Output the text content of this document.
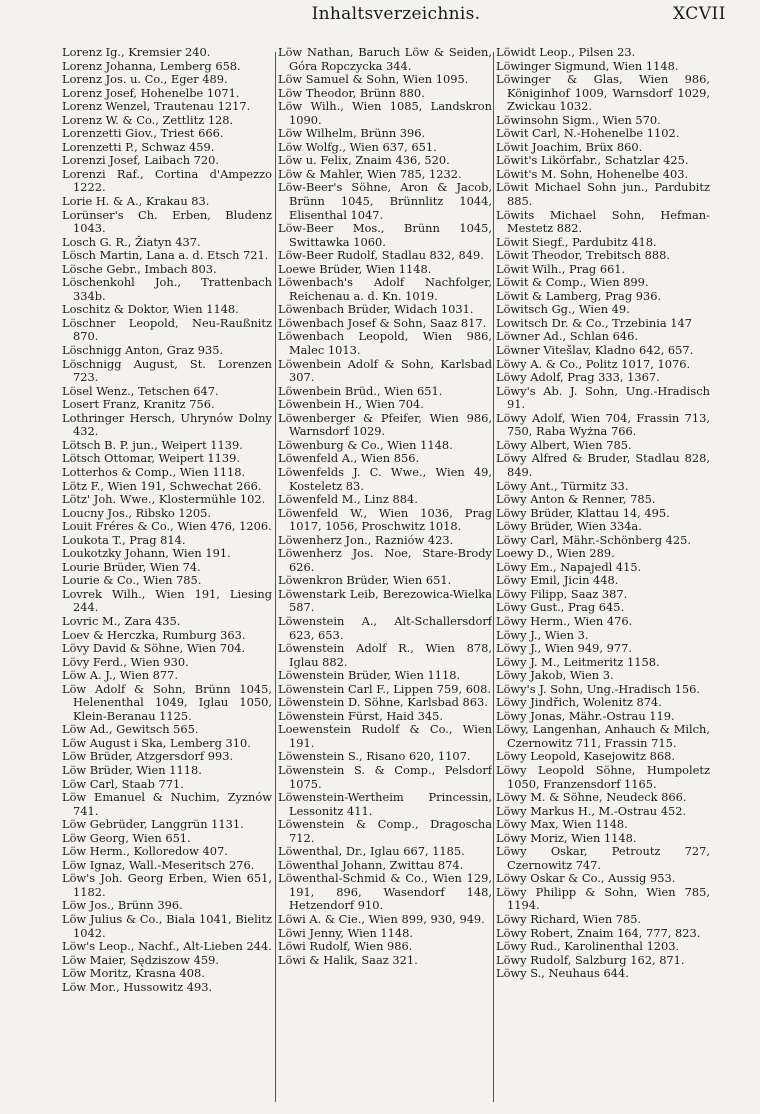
Inhaltsverzeichnis.	XCVII
Lorenz Ig., Kremsier 240.
Lorenz Johanna, Lemberg 658.
Lorenz Jos. u. Co., Eger 489.
Lorenz Josef, Hohenelbe 1071.
Lorenz Wenzel, Trautenau 1217.
Lorenz W. & Co., Zettlitz 128.
Lorenzetti Giov., Triest 666.
Lorenzetti P., Schwaz 459.
Lorenzi Josef, Laibach 720.
Lorenzi Raf., Cortina d'Ampezzo 1222.
Lorie H. & A., Krakau 83.
Lorünser's Ch. Erben, Bludenz 1043.
Losch G. R., Žiatyn 437.
Lösch Martin, Lana a. d. Etsch 721.
Lösche Gebr., Imbach 803.
Löschenkohl Joh., Trattenbach 334b.
Loschitz & Doktor, Wien 1148.
Löschner Leopold, Neu-Raußnitz 870.
Löschnigg Anton, Graz 935.
Löschnigg August, St. Lorenzen 723.
Lösel Wenz., Tetschen 647.
Losert Franz, Kranitz 756.
Lothringer Hersch, Uhrynów Dolny 432.
Lötsch B. P. jun., Weipert 1139.
Lötsch Ottomar, Weipert 1139.
Lotterhos & Comp., Wien 1118.
Lötz F., Wien 191, Schwechat 266.
Lötz' Joh. Wwe., Klostermühle 102.
Loucny Jos., Ribsko 1205.
Louit Fréres & Co., Wien 476, 1206.
Loukota T., Prag 814.
Loukotzky Johann, Wien 191.
Lourie Brüder, Wien 74.
Lourie & Co., Wien 785.
Lovrek Wilh., Wien 191, Liesing 244.
Lovric M., Zara 435.
Loev & Herczka, Rumburg 363.
Lövy David & Söhne, Wien 704.
Lövy Ferd., Wien 930.
Löw A. J., Wien 877.
Löw Adolf & Sohn, Brünn 1045, Helenenthal 1049, Iglau 1050, Klein-Beranau 1125.
Löw Ad., Gewitsch 565.
Löw August i Ska, Lemberg 310.
Löw Brüder, Atzgersdorf 993.
Löw Brüder, Wien 1118.
Löw Carl, Staab 771.
Löw Emanuel & Nuchim, Zyznów 741.
Löw Gebrüder, Langgrün 1131.
Löw Georg, Wien 651.
Löw Herm., Kolloredow 407.
Löw Ignaz, Wall.-Meseritsch 276.
Löw's Joh. Georg Erben, Wien 651, 1182.
Löw Jos., Brünn 396.
Löw Julius & Co., Biala 1041, Bielitz 1042.
Löw's Leop., Nachf., Alt-Lieben 244.
Löw Maier, Sędziszow 459.
Löw Moritz, Krasna 408.
Löw Mor., Hussowitz 493.
Löw Nathan, Baruch Löw & Seiden, Góra Ropczycka 344.
Löw Samuel & Sohn, Wien 1095.
Löw Theodor, Brünn 880.
Löw Wilh., Wien 1085, Landskron 1090.
Löw Wilhelm, Brünn 396.
Löw Wolfg., Wien 637, 651.
Löw u. Felix, Znaim 436, 520.
Löw & Mahler, Wien 785, 1232.
Löw-Beer's Söhne, Aron & Jacob, Brünn 1045, Brünnlitz 1044, Elisenthal 1047.
Löw-Beer Mos., Brünn 1045, Swittawka 1060.
Löw-Beer Rudolf, Stadlau 832, 849.
Loewe Brüder, Wien 1148.
Löwenbach's Adolf Nachfolger, Reichenau a. d. Kn. 1019.
Löwenbach Brüder, Widach 1031.
Löwenbach Josef & Sohn, Saaz 817.
Löwenbach Leopold, Wien 986, Malec 1013.
Löwenbein Adolf & Sohn, Karlsbad 307.
Löwenbein Brüd., Wien 651.
Löwenbein H., Wien 704.
Löwenberger & Pfeifer, Wien 986, Warnsdorf 1029.
Löwenburg & Co., Wien 1148.
Löwenfeld A., Wien 856.
Löwenfelds J. C. Wwe., Wien 49, Kosteletz 83.
Löwenfeld M., Linz 884.
Löwenfeld W., Wien 1036, Prag 1017, 1056, Proschwitz 1018.
Löwenherz Jon., Razniów 423.
Löwenherz Jos. Noe, Stare-Brody 626.
Löwenkron Brüder, Wien 651.
Löwenstark Leib, Berezowica-Wielka 587.
Löwenstein A., Alt-Schallersdorf 623, 653.
Löwenstein Adolf R., Wien 878, Iglau 882.
Löwenstein Brüder, Wien 1118.
Löwenstein Carl F., Lippen 759, 608.
Löwenstein D. Söhne, Karlsbad 863.
Löwenstein Fürst, Haid 345.
Loewenstein Rudolf & Co., Wien 191.
Löwenstein S., Risano 620, 1107.
Löwenstein S. & Comp., Pelsdorf 1075.
Löwenstein-Wertheim Princessin, Lessonitz 411.
Löwenstein & Comp., Dragoscha 712.
Löwenthal, Dr., Iglau 667, 1185.
Löwenthal Johann, Zwittau 874.
Löwenthal-Schmid & Co., Wien 129, 191, 896, Wasendorf 148, Hetzendorf 910.
Löwi A. & Cie., Wien 899, 930, 949.
Löwi Jenny, Wien 1148.
Löwi Rudolf, Wien 986.
Löwi & Halik, Saaz 321.
Löwidt Leop., Pilsen 23.
Löwinger Sigmund, Wien 1148.
Löwinger & Glas, Wien 986, Königinhof 1009, Warnsdorf 1029, Zwickau 1032.
Löwinsohn Sigm., Wien 570.
Löwit Carl, N.-Hohenelbe 1102.
Löwit Joachim, Brüx 860.
Löwit's Likörfabr., Schatzlar 425.
Löwit's M. Sohn, Hohenelbe 403.
Löwit Michael Sohn jun., Pardubitz 885.
Löwits Michael Sohn, Hefman-Mestetz 882.
Löwit Siegf., Pardubitz 418.
Löwit Theodor, Trebitsch 888.
Löwit Wilh., Prag 661.
Löwit & Comp., Wien 899.
Löwit & Lamberg, Prag 936.
Löwitsch Gg., Wien 49.
Lowitsch Dr. & Co., Trzebinia 147
Löwner Ad., Schlan 646.
Löwner Vitešlav, Kladno 642, 657.
Löwy A. & Co., Politz 1017, 1076.
Löwy Adolf, Prag 333, 1367.
Löwy's Ab. J. Sohn, Ung.-Hradisch 91.
Löwy Adolf, Wien 704, Frassin 713, 750, Raba Wyżna 766.
Löwy Albert, Wien 785.
Löwy Alfred & Bruder, Stadlau 828, 849.
Löwy Ant., Türmitz 33.
Löwy Anton & Renner, 785.
Löwy Brüder, Klattau 14, 495.
Löwy Brüder, Wien 334a.
Löwy Carl, Mähr.-Schönberg 425.
Loewy D., Wien 289.
Löwy Em., Napajedl 415.
Löwy Emil, Jicin 448.
Löwy Filipp, Saaz 387.
Löwy Gust., Prag 645.
Löwy Herm., Wien 476.
Löwy J., Wien 3.
Löwy J., Wien 949, 977.
Löwy J. M., Leitmeritz 1158.
Löwy Jakob, Wien 3.
Löwy's J. Sohn, Ung.-Hradisch 156.
Löwy Jindřich, Wolenitz 874.
Löwy Jonas, Mähr.-Ostrau 119.
Löwy, Langenhan, Anhauch & Milch, Czernowitz 711, Frassin 715.
Löwy Leopold, Kasejowitz 868.
Löwy Leopold Söhne, Humpoletz 1050, Franzensdorf 1165.
Löwy M. & Söhne, Neudeck 866.
Löwy Markus H., M.-Ostrau 452.
Löwy Max, Wien 1148.
Löwy Moriz, Wien 1148.
Löwy Oskar, Petroutz 727, Czernowitz 747.
Löwy Oskar & Co., Aussig 953.
Löwy Philipp & Sohn, Wien 785, 1194.
Löwy Richard, Wien 785.
Löwy Robert, Znaim 164, 777, 823.
Löwy Rud., Karolinenthal 1203.
Löwy Rudolf, Salzburg 162, 871.
Löwy S., Neuhaus 644.
